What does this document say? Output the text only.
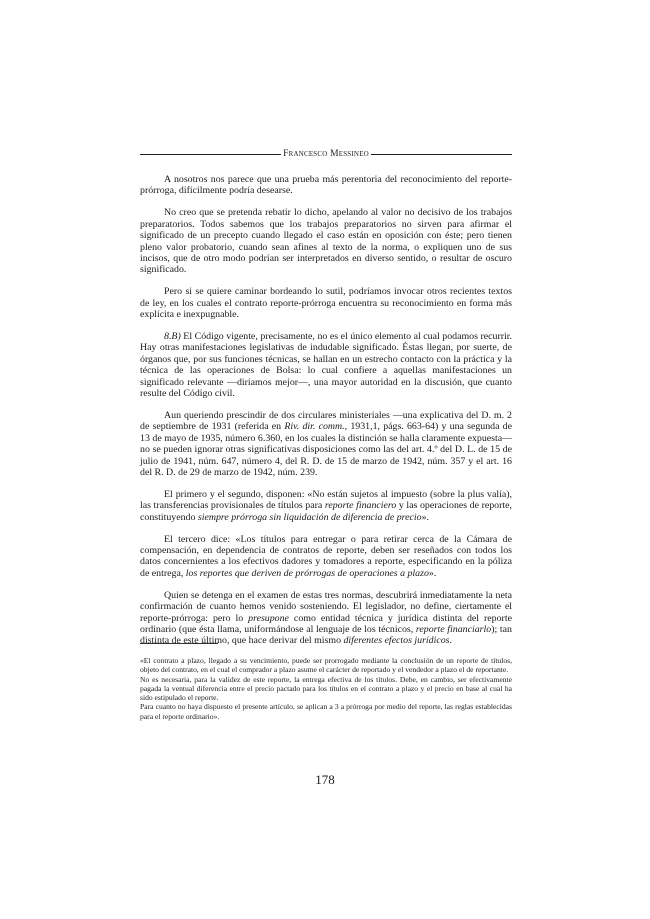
Francesco Messineo

A nosotros nos parece que una prueba más perentoria del reconocimiento del reporte-prórroga, difícilmente podría desearse.

No creo que se pretenda rebatir lo dicho, apelando al valor no decisivo de los trabajos preparatorios. Todos sabemos que los trabajos preparatorios no sirven para afirmar el significado de un precepto cuando llegado el caso están en oposición con éste; pero tienen pleno valor probatorio, cuando sean afines al texto de la norma, o expliquen uno de sus incisos, que de otro modo podrían ser interpretados en diverso sentido, o resultar de oscuro significado.

Pero si se quiere caminar bordeando lo sutil, podríamos invocar otros recientes textos de ley, en los cuales el contrato reporte-prórroga encuentra su reconocimiento en forma más explícita e inexpugnable.

8.B) El Código vigente, precisamente, no es el único elemento al cual podamos recurrir. Hay otras manifestaciones legislativas de indudable significado. Éstas llegan, por suerte, de órganos que, por sus funciones técnicas, se hallan en un estrecho contacto con la práctica y la técnica de las operaciones de Bolsa: lo cual confiere a aquellas manifestaciones un significado relevante —diríamos mejor—, una mayor autoridad en la discusión, que cuanto resulte del Código civil.

Aun queriendo prescindir de dos circulares ministeriales —una explicativa del D. m. 2 de septiembre de 1931 (referida en Riv. dir. comm., 1931,1, págs. 663-64) y una segunda de 13 de mayo de 1935, número 6.360, en los cuales la distinción se halla claramente expuesta— no se pueden ignorar otras significativas disposiciones como las del art. 4.º del D. L. de 15 de julio de 1941, núm. 647, número 4, del R. D. de 15 de marzo de 1942, núm. 357 y el art. 16 del R. D. de 29 de marzo de 1942, núm. 239.

El primero y el segundo, disponen: «No están sujetos al impuesto (sobre la plus valía), las transferencias provisionales de títulos para reporte financiero y las operaciones de reporte, constituyendo siempre prórroga sin liquidación de diferencia de precio».

El tercero dice: «Los títulos para entregar o para retirar cerca de la Cámara de compensación, en dependencia de contratos de reporte, deben ser reseñados con todos los datos concernientes a los efectivos dadores y tomadores a reporte, especificando en la póliza de entrega, los reportes que deriven de prórrogas de operaciones a plazo».

Quien se detenga en el examen de estas tres normas, descubrirá inmediatamente la neta confirmación de cuanto hemos venido sosteniendo. El legislador, no define, ciertamente el reporte-prórroga: pero lo presupone como entidad técnica y jurídica distinta del reporte ordinario (que ésta llama, uniformándose al lenguaje de los técnicos, reporte financiarlo); tan distinta de este último, que hace derivar del mismo diferentes efectos jurídicos.

«El contrato a plazo, llegado a su vencimiento, puede ser prorrogado mediante la conclusión de un reporte de títulos, objeto del contrato, en el cual el comprador a plazo asume el carácter de reportado y el vendedor a plazo el de reportante.

No es necesaria, para la validez de este reporte, la entrega efectiva de los títulos. Debe, en cambio, ser efectivamente pagada la ventual diferencia entre el precio pactado para los títulos en el contrato a plazo y el precio en base al cual ha sido estipulado el reporte.

Para cuanto no haya dispuesto el presente artículo, se aplican a 3 a prórroga por medio del reporte, las reglas establecidas para el reporte ordinario».

178
